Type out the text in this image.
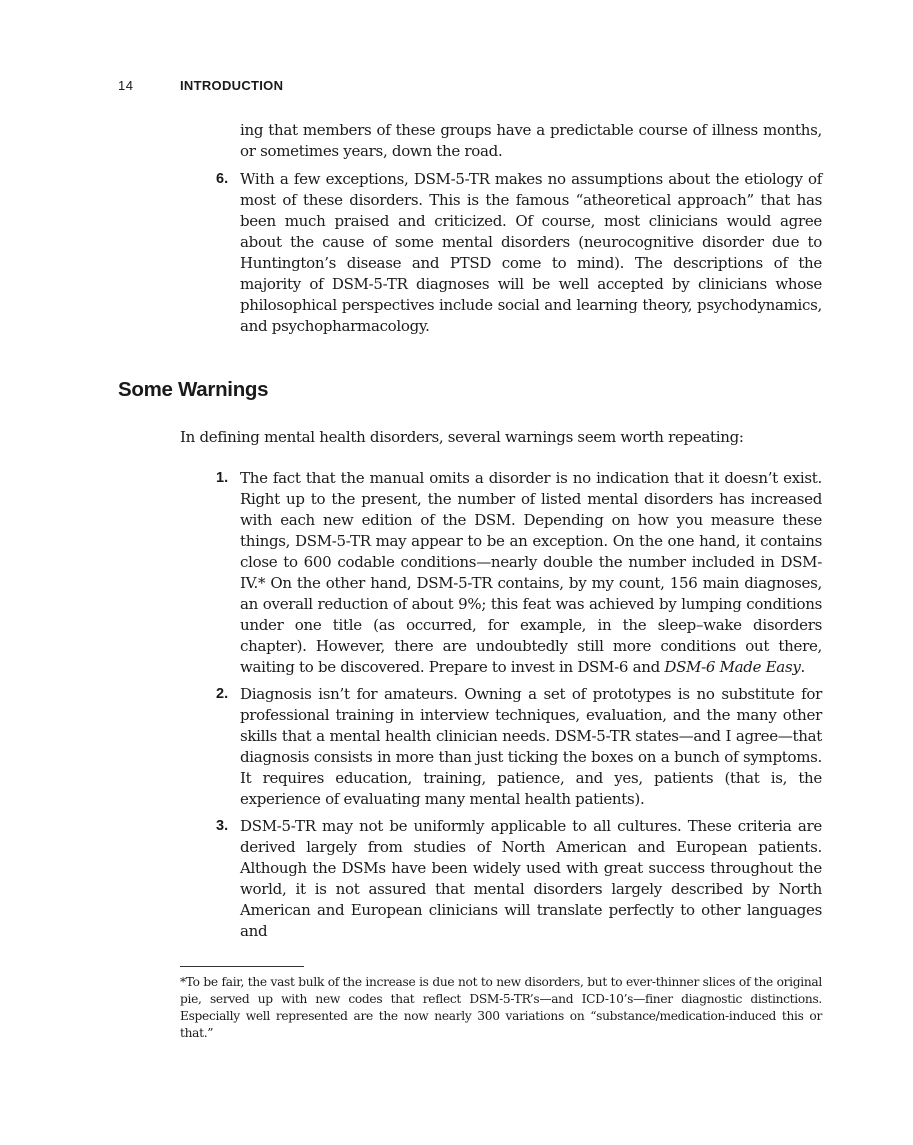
14	INTRODUCTION

ing that members of these groups have a predictable course of illness months, or sometimes years, down the road.

6. With a few exceptions, DSM-5-TR makes no assumptions about the etiology of most of these disorders. This is the famous “atheoretical approach” that has been much praised and criticized. Of course, most clinicians would agree about the cause of some mental disorders (neurocognitive disorder due to Huntington’s disease and PTSD come to mind). The descriptions of the majority of DSM-5-TR diagnoses will be well accepted by clinicians whose philosophical perspectives include social and learning theory, psychodynamics, and psychopharmacology.

Some Warnings

In defining mental health disorders, several warnings seem worth repeating:

1. The fact that the manual omits a disorder is no indication that it doesn’t exist. Right up to the present, the number of listed mental disorders has increased with each new edition of the DSM. Depending on how you measure these things, DSM-5-TR may appear to be an exception. On the one hand, it contains close to 600 codable conditions—nearly double the number included in DSM-IV.* On the other hand, DSM-5-TR contains, by my count, 156 main diagnoses, an overall reduction of about 9%; this feat was achieved by lumping conditions under one title (as occurred, for example, in the sleep–wake disorders chapter). However, there are undoubtedly still more conditions out there, waiting to be discovered. Prepare to invest in DSM-6 and DSM-6 Made Easy.

2. Diagnosis isn’t for amateurs. Owning a set of prototypes is no substitute for professional training in interview techniques, evaluation, and the many other skills that a mental health clinician needs. DSM-5-TR states—and I agree—that diagnosis consists in more than just ticking the boxes on a bunch of symptoms. It requires education, training, patience, and yes, patients (that is, the experience of evaluating many mental health patients).

3. DSM-5-TR may not be uniformly applicable to all cultures. These criteria are derived largely from studies of North American and European patients. Although the DSMs have been widely used with great success throughout the world, it is not assured that mental disorders largely described by North American and European clinicians will translate perfectly to other languages and

*To be fair, the vast bulk of the increase is due not to new disorders, but to ever-thinner slices of the original pie, served up with new codes that reflect DSM-5-TR’s—and ICD-10’s—finer diagnostic distinctions. Especially well represented are the now nearly 300 variations on “substance/medication-induced this or that.”
